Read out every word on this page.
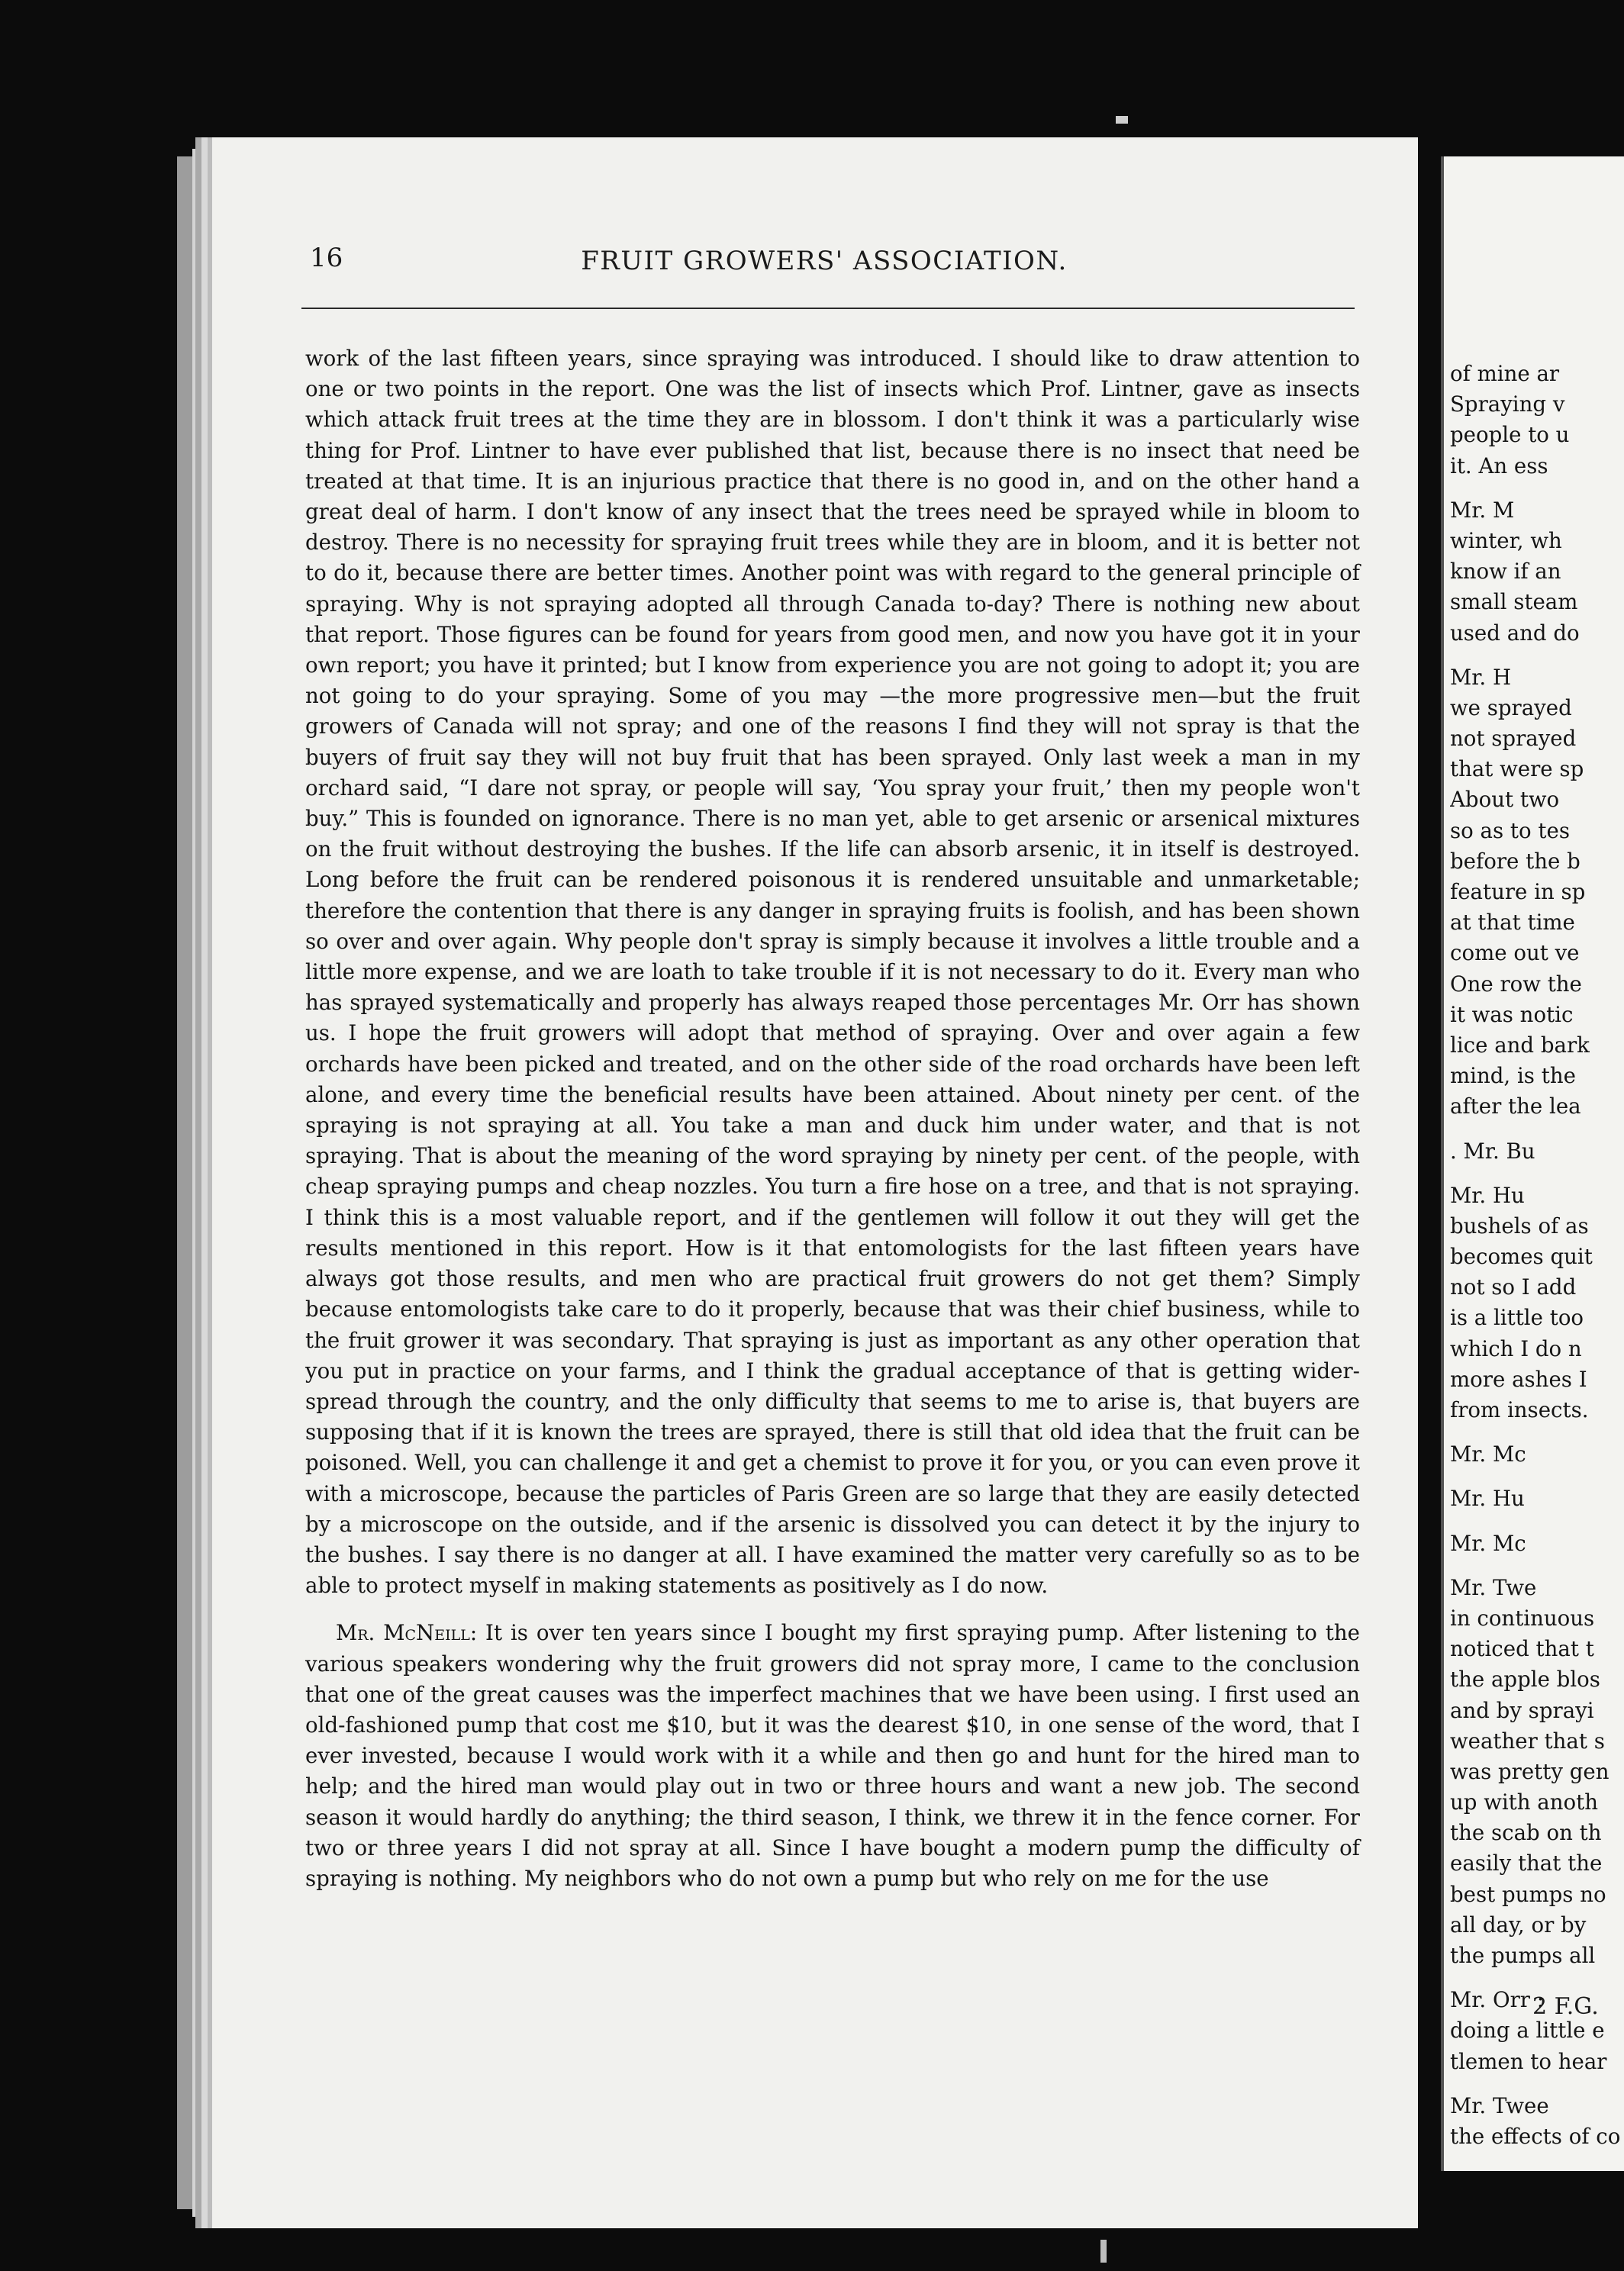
16	FRUIT GROWERS' ASSOCIATION.

work of the last fifteen years, since spraying was introduced. I should like to draw attention to one or two points in the report. One was the list of insects which Prof. Lintner, gave as insects which attack fruit trees at the time they are in blossom. I don't think it was a particularly wise thing for Prof. Lintner to have ever published that list, because there is no insect that need be treated at that time. It is an injurious practice that there is no good in, and on the other hand a great deal of harm. I don't know of any insect that the trees need be sprayed while in bloom to destroy. There is no necessity for spraying fruit trees while they are in bloom, and it is better not to do it, because there are better times. Another point was with regard to the general principle of spraying. Why is not spraying adopted all through Canada to-day? There is nothing new about that report. Those figures can be found for years from good men, and now you have got it in your own report; you have it printed; but I know from experience you are not going to adopt it; you are not going to do your spraying. Some of you may —the more progressive men—but the fruit growers of Canada will not spray; and one of the reasons I find they will not spray is that the buyers of fruit say they will not buy fruit that has been sprayed. Only last week a man in my orchard said, “I dare not spray, or people will say, ‘You spray your fruit,’ then my people won't buy.” This is founded on ignorance. There is no man yet, able to get arsenic or arsenical mixtures on the fruit without destroying the bushes. If the life can absorb arsenic, it in itself is destroyed. Long before the fruit can be rendered poisonous it is rendered unsuitable and unmarketable; therefore the contention that there is any danger in spraying fruits is foolish, and has been shown so over and over again. Why people don't spray is simply because it involves a little trouble and a little more expense, and we are loath to take trouble if it is not necessary to do it. Every man who has sprayed systematically and properly has always reaped those percentages Mr. Orr has shown us. I hope the fruit growers will adopt that method of spraying. Over and over again a few orchards have been picked and treated, and on the other side of the road orchards have been left alone, and every time the beneficial results have been attained. About ninety per cent. of the spraying is not spraying at all. You take a man and duck him under water, and that is not spraying. That is about the meaning of the word spraying by ninety per cent. of the people, with cheap spraying pumps and cheap nozzles. You turn a fire hose on a tree, and that is not spraying. I think this is a most valuable report, and if the gentlemen will follow it out they will get the results mentioned in this report. How is it that entomologists for the last fifteen years have always got those results, and men who are practical fruit growers do not get them? Simply because entomologists take care to do it properly, because that was their chief business, while to the fruit grower it was secondary. That spraying is just as important as any other operation that you put in practice on your farms, and I think the gradual acceptance of that is getting wider-spread through the country, and the only difficulty that seems to me to arise is, that buyers are supposing that if it is known the trees are sprayed, there is still that old idea that the fruit can be poisoned. Well, you can challenge it and get a chemist to prove it for you, or you can even prove it with a microscope, because the particles of Paris Green are so large that they are easily detected by a microscope on the outside, and if the arsenic is dissolved you can detect it by the injury to the bushes. I say there is no danger at all. I have examined the matter very carefully so as to be able to protect myself in making statements as positively as I do now.

Mr. McNeill: It is over ten years since I bought my first spraying pump. After listening to the various speakers wondering why the fruit growers did not spray more, I came to the conclusion that one of the great causes was the imperfect machines that we have been using. I first used an old-fashioned pump that cost me $10, but it was the dearest $10, in one sense of the word, that I ever invested, because I would work with it a while and then go and hunt for the hired man to help; and the hired man would play out in two or three hours and want a new job. The second season it would hardly do anything; the third season, I think, we threw it in the fence corner. For two or three years I did not spray at all. Since I have bought a modern pump the difficulty of spraying is nothing. My neighbors who do not own a pump but who rely on me for the use

of mine ar
Spraying v
people to u
it. An ess
Mr. M
winter, wh
know if an
small steam
used and do
Mr. H
we sprayed
not sprayed
that were sp
About two
so as to tes
before the b
feature in sp
at that time
come out ve
One row the
it was notic
lice and bark
mind, is the
after the lea
. Mr. Bu
Mr. Hu
bushels of as
becomes quit
not so I add
is a little too
which I do n
more ashes I
from insects.
Mr. Mc
Mr. Hu
Mr. Mc
Mr. Twe
in continuous
noticed that t
the apple blos
and by sprayi
weather that s
was pretty gen
up with anoth
the scab on th
easily that the
best pumps no
all day, or by
the pumps all
Mr. Orr :
doing a little e
tlemen to hear
Mr. Twee
the effects of co
2 F.G.
